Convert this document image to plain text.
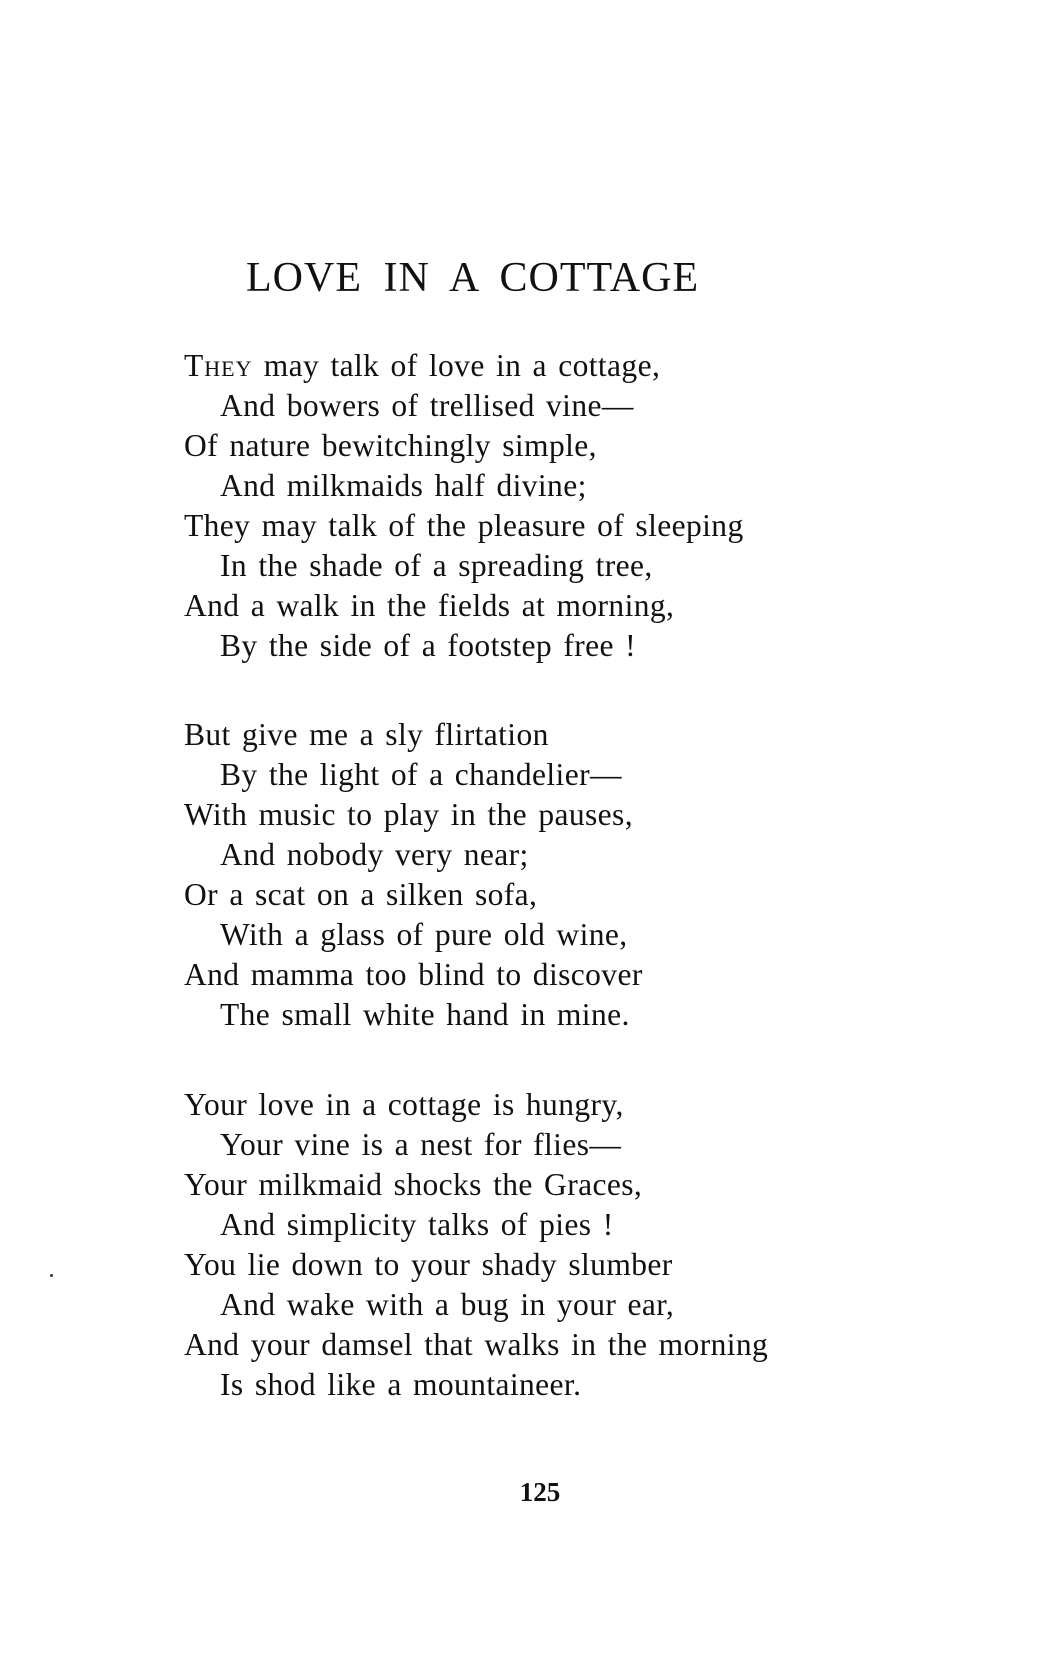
LOVE IN A COTTAGE
They may talk of love in a cottage,
And bowers of trellised vine—
Of nature bewitchingly simple,
And milkmaids half divine;
They may talk of the pleasure of sleeping
In the shade of a spreading tree,
And a walk in the fields at morning,
By the side of a footstep free !
But give me a sly flirtation
By the light of a chandelier—
With music to play in the pauses,
And nobody very near;
Or a scat on a silken sofa,
With a glass of pure old wine,
And mamma too blind to discover
The small white hand in mine.
Your love in a cottage is hungry,
Your vine is a nest for flies—
Your milkmaid shocks the Graces,
And simplicity talks of pies !
You lie down to your shady slumber
And wake with a bug in your ear,
And your damsel that walks in the morning
Is shod like a mountaineer.
125
